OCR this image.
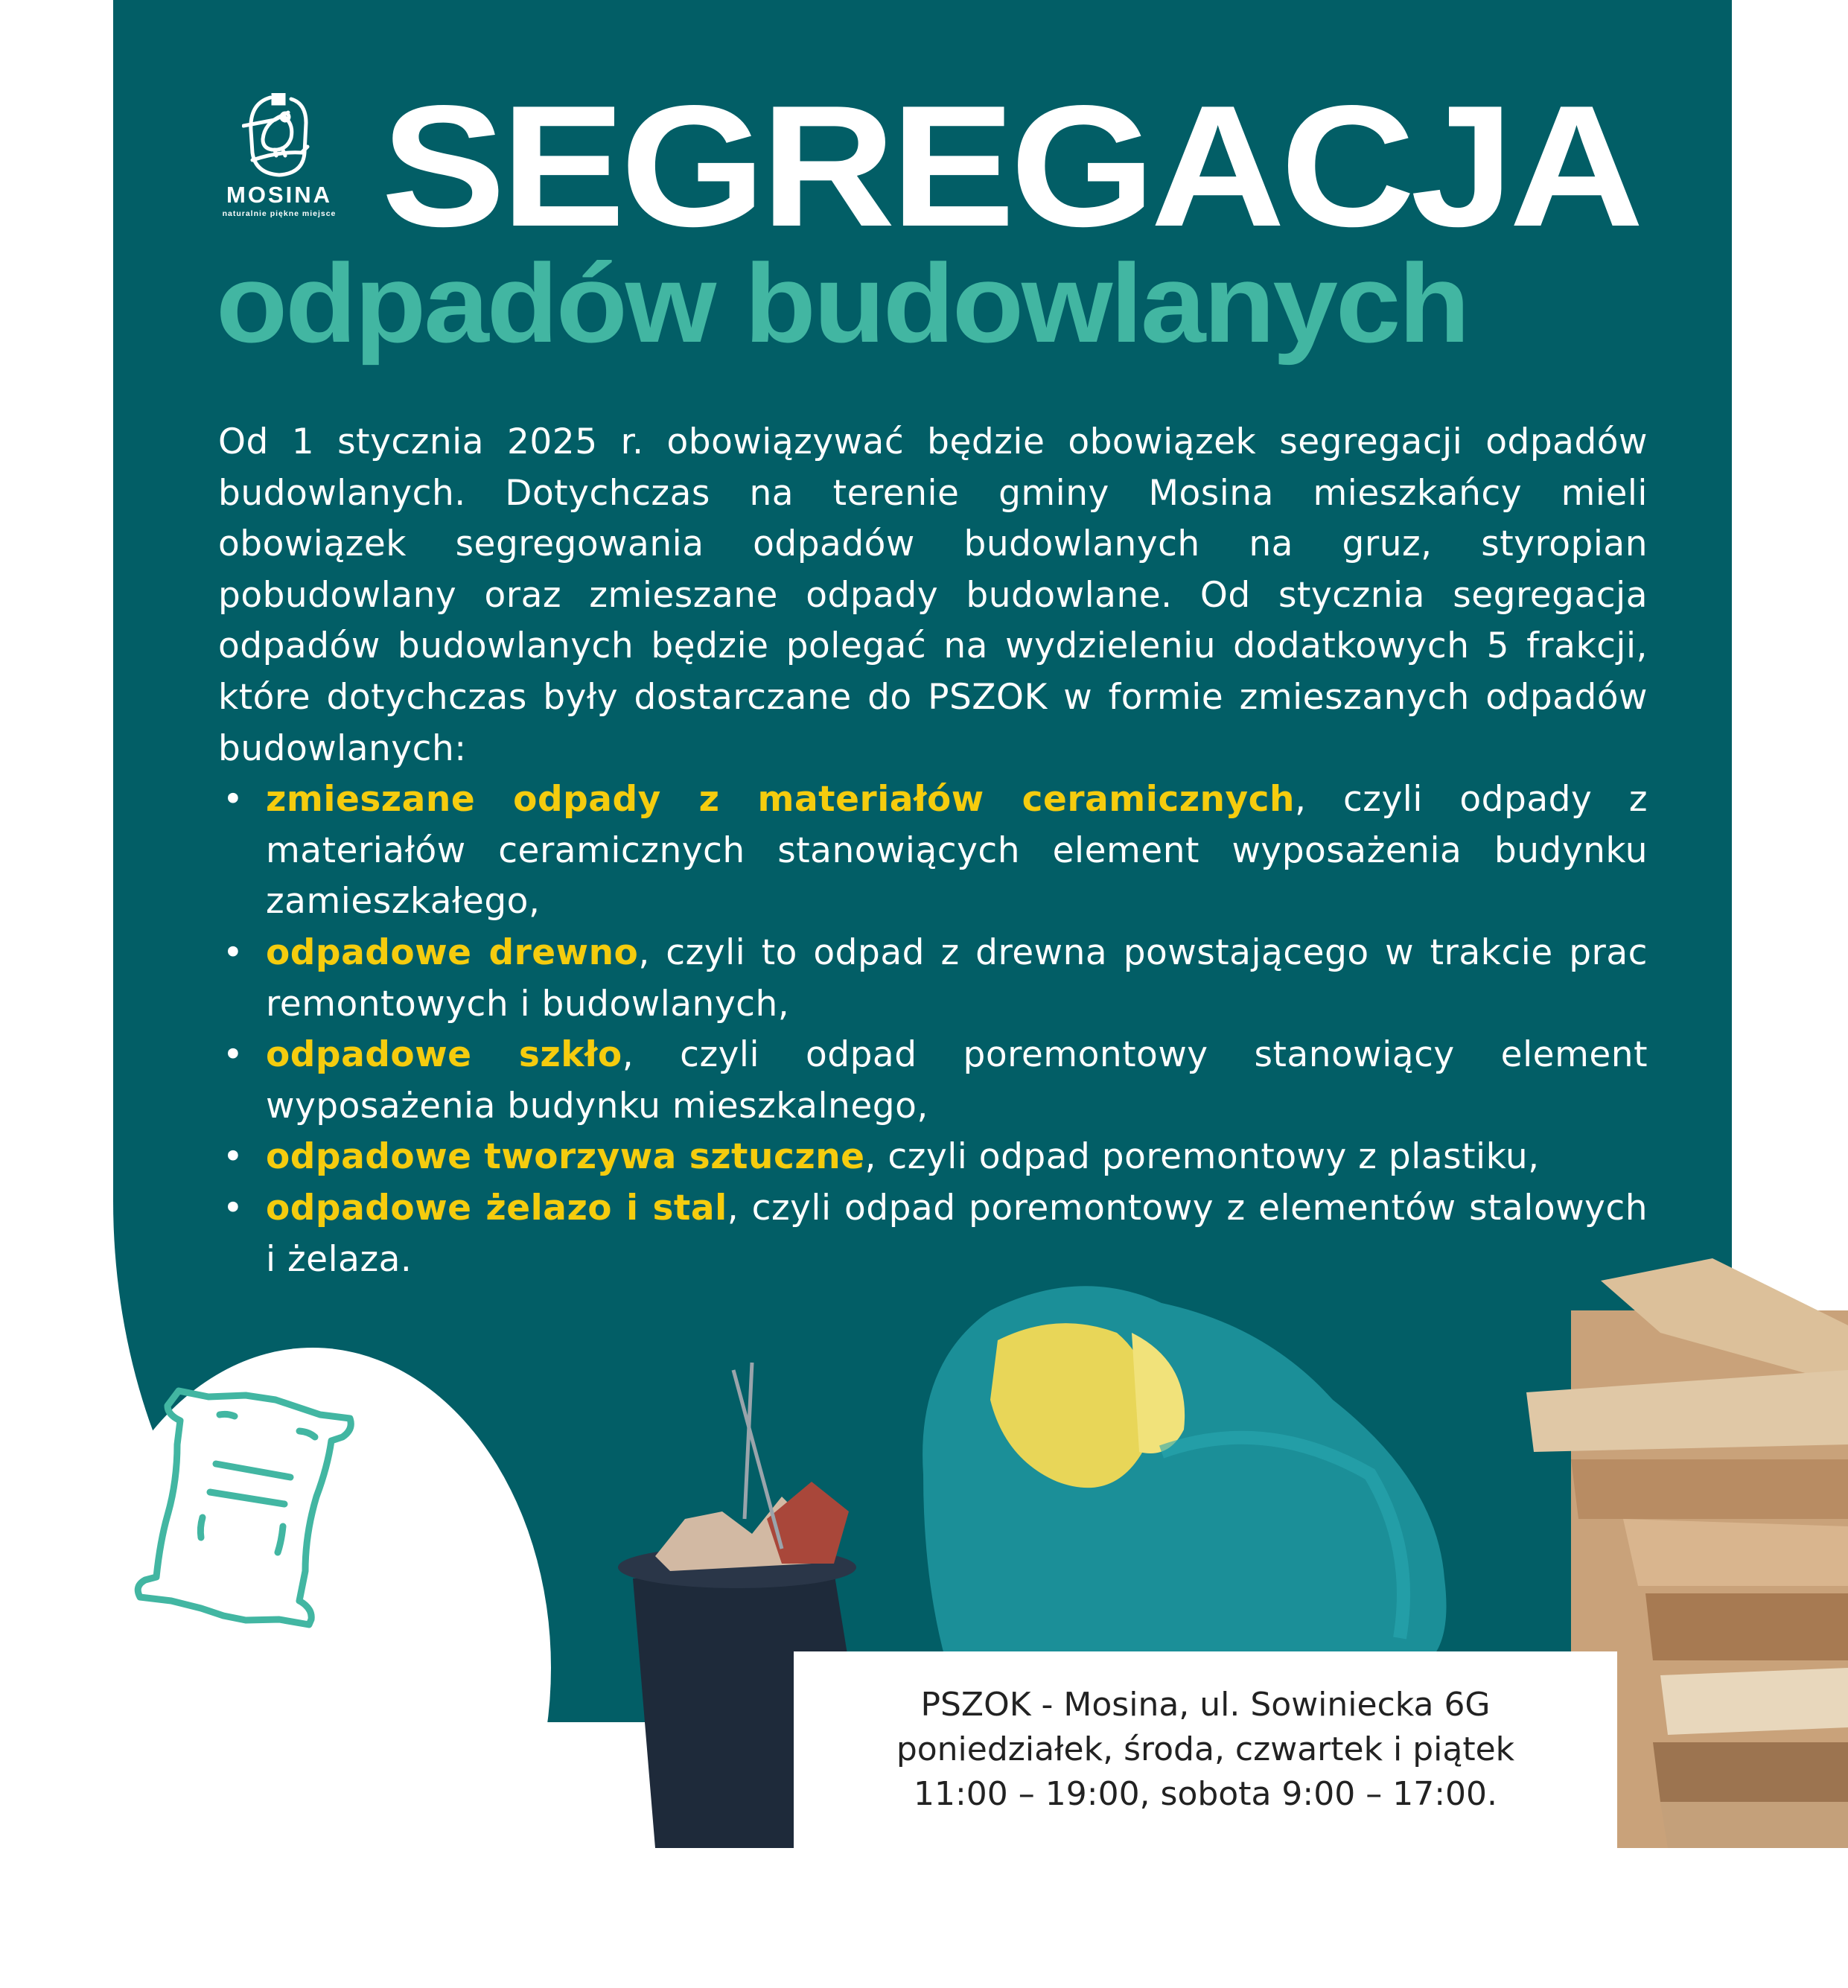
MOSINA
naturalnie piękne miejsce SEGREGACJA
odpadów budowlanych

Od 1 stycznia 2025 r. obowiązywać będzie obowiązek segregacji odpadów budowlanych. Dotychczas na terenie gminy Mosina mieszkańcy mieli obowiązek segregowania odpadów budowlanych na gruz, styropian pobudowlany oraz zmieszane odpady budowlane. Od stycznia segregacja odpadów budowlanych będzie polegać na wydzieleniu dodatkowych 5 frakcji, które dotychczas były dostarczane do PSZOK w formie zmieszanych odpadów budowlanych:

• zmieszane odpady z materiałów ceramicznych, czyli odpady z materiałów ceramicznych stanowiących element wyposażenia budynku zamieszkałego,
• odpadowe drewno, czyli to odpad z drewna powstającego w trakcie prac remontowych i budowlanych,
• odpadowe szkło, czyli odpad poremontowy stanowiący element wyposażenia budynku mieszkalnego,
• odpadowe tworzywa sztuczne, czyli odpad poremontowy z plastiku,
• odpadowe żelazo i stal, czyli odpad poremontowy z elementów stalowych i żelaza.
PSZOK - Mosina, ul. Sowiniecka 6G
poniedziałek, środa, czwartek i piątek
11:00 – 19:00, sobota 9:00 – 17:00.
